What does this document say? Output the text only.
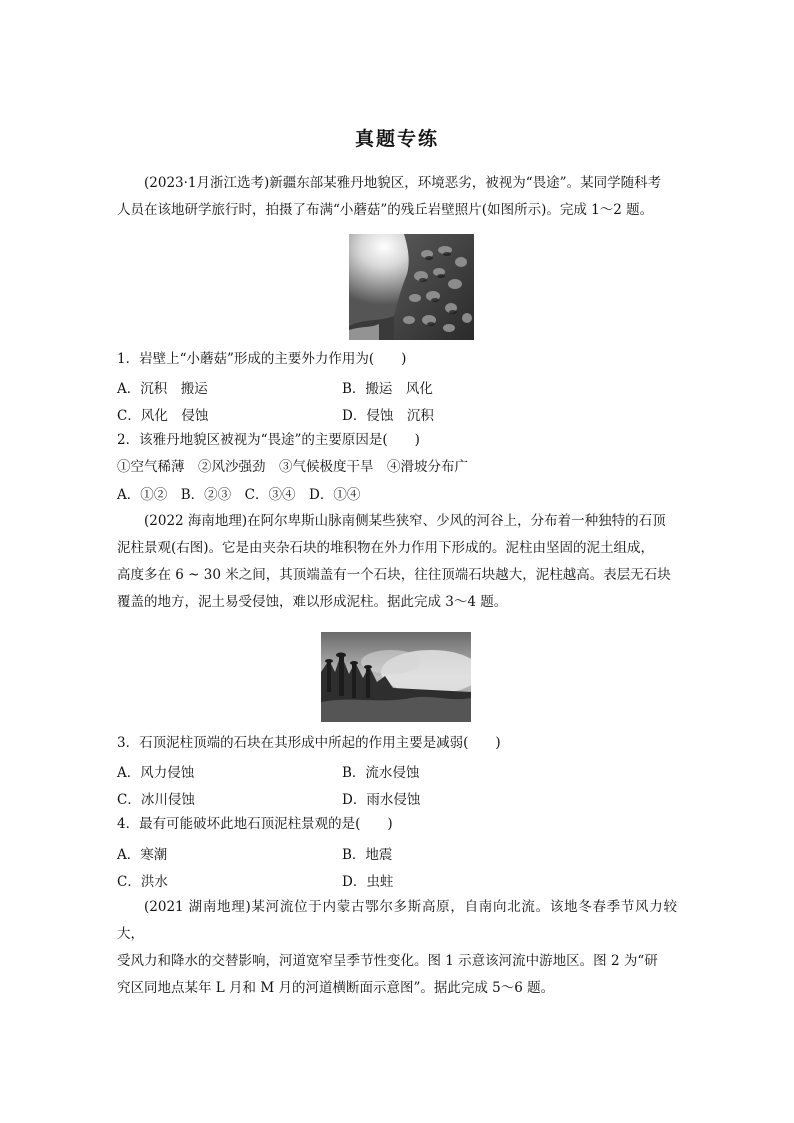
真题专练
(2023·1月浙江选考)新疆东部某雅丹地貌区，环境恶劣，被视为“畏途”。某同学随科考
人员在该地研学旅行时，拍摄了布满“小蘑菇”的残丘岩壁照片(如图所示)。完成 1～2 题。
1．岩壁上“小蘑菇”形成的主要外力作用为(　　)
A．沉积　搬运	B．搬运　风化
C．风化　侵蚀	D．侵蚀　沉积
2．该雅丹地貌区被视为“畏途”的主要原因是(　　)
①空气稀薄　②风沙强劲　③气候极度干旱　④滑坡分布广
A．①②　B．②③　C．③④　D．①④
(2022 海南地理)在阿尔卑斯山脉南侧某些狭窄、少风的河谷上，分布着一种独特的石顶
泥柱景观(右图)。它是由夹杂石块的堆积物在外力作用下形成的。泥柱由坚固的泥土组成，
高度多在 6 ~ 30 米之间，其顶端盖有一个石块，往往顶端石块越大，泥柱越高。表层无石块
覆盖的地方，泥土易受侵蚀，难以形成泥柱。据此完成 3～4 题。
3．石顶泥柱顶端的石块在其形成中所起的作用主要是减弱(　　)
A．风力侵蚀	B．流水侵蚀
C．冰川侵蚀	D．雨水侵蚀
4．最有可能破坏此地石顶泥柱景观的是(　　)
A．寒潮	B．地震
C．洪水	D．虫蛀
(2021 湖南地理)某河流位于内蒙古鄂尔多斯高原，自南向北流。该地冬春季节风力较大，
受风力和降水的交替影响，河道宽窄呈季节性变化。图 1 示意该河流中游地区。图 2 为“研
究区同地点某年 L 月和 M 月的河道横断面示意图”。据此完成 5～6 题。
